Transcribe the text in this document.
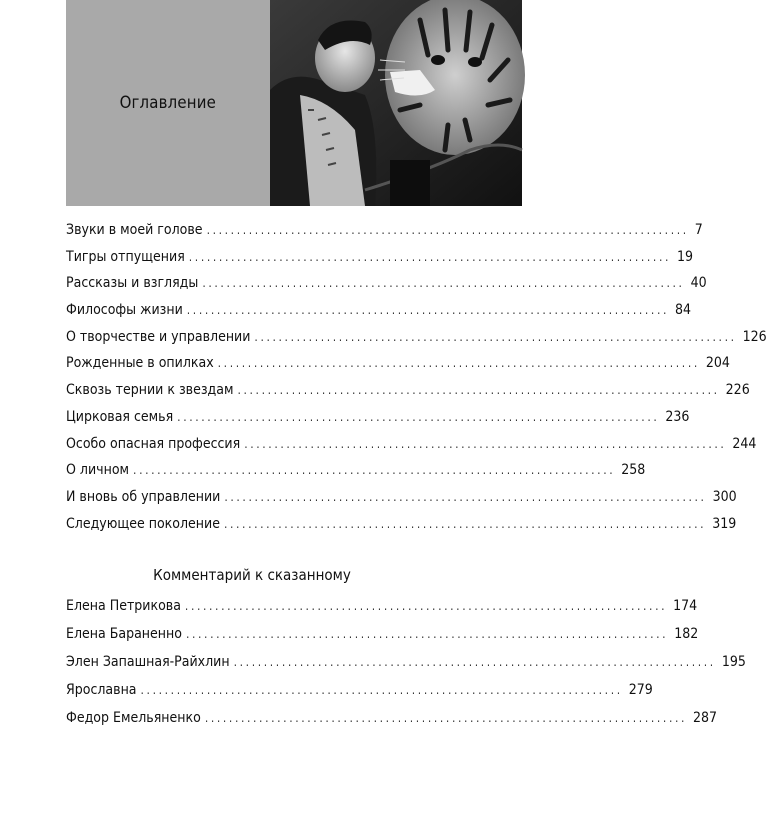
Оглавление
Звуки в моей голове ................................................................................ 7
Тигры отпущения ................................................................................ 19
Рассказы и взгляды ................................................................................ 40
Философы жизни ................................................................................ 84
О творчестве и управлении ................................................................................ 126
Рожденные в опилках ................................................................................ 204
Сквозь тернии к звездам ................................................................................ 226
Цирковая семья ................................................................................ 236
Особо опасная профессия ................................................................................ 244
О личном ................................................................................ 258
И вновь об управлении ................................................................................ 300
Следующее поколение ................................................................................ 319
Комментарий к сказанному
Елена Петрикова ................................................................................ 174
Елена Бараненно ................................................................................ 182
Элен Запашная-Райхлин ................................................................................ 195
Ярославна ................................................................................ 279
Федор Емельяненко ................................................................................ 287
